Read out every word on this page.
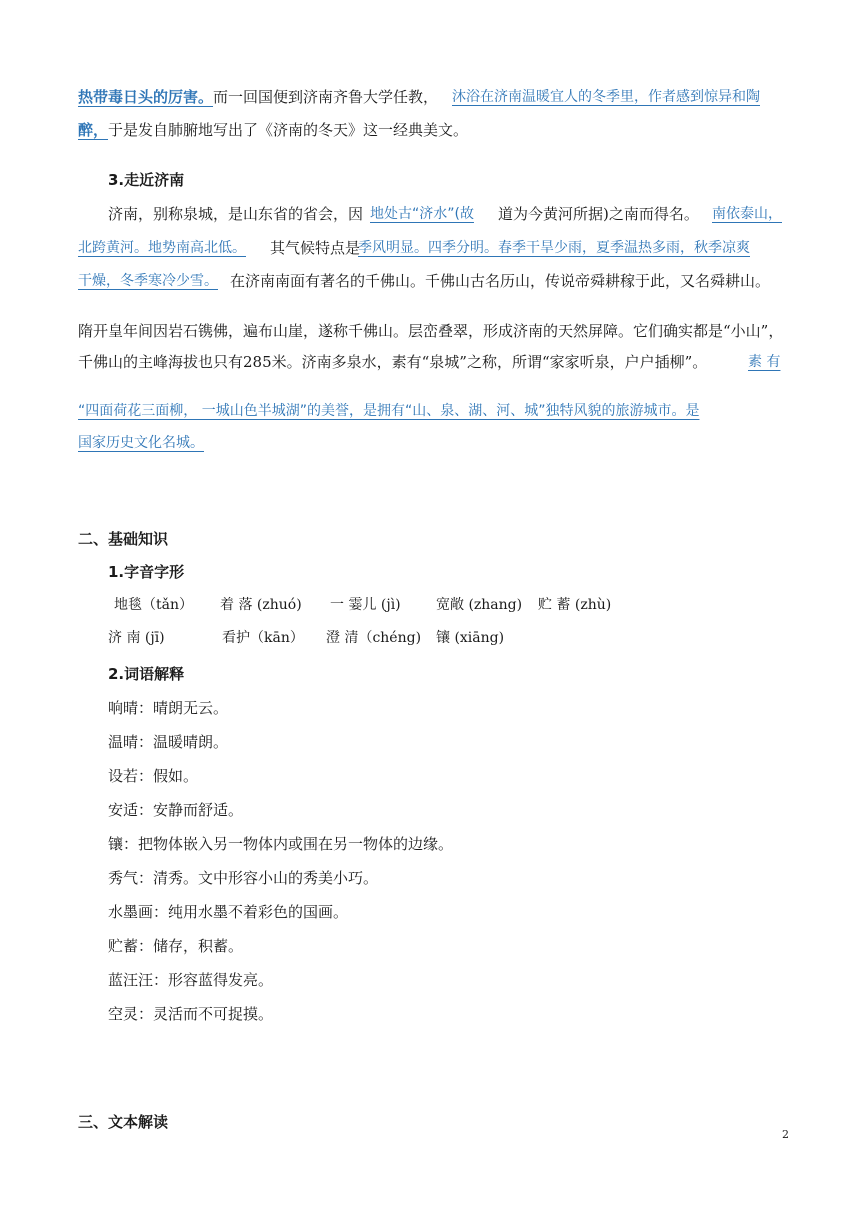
热带毒日头的厉害。而一回国便到济南齐鲁大学任教， 沐浴在济南温暖宜人的冬季里，作者感到惊异和陶
醉，于是发自肺腑地写出了《济南的冬天》这一经典美文。
3.走近济南
济南，别称泉城，是山东省的省会，因 地处古“济水”(故 道为今黄河所据)之南而得名。 南依泰山，
北跨黄河。地势南高北低。 其气候特点是
季风明显。四季分明。春季干旱少雨，夏季温热多雨，秋季凉爽
干燥，冬季寒冷少雪。 在济南南面有著名的千佛山。千佛山古名历山，传说帝舜耕稼于此，又名舜耕山。
隋开皇年间因岩石镌佛，遍布山崖，遂称千佛山。层峦叠翠，形成济南的天然屏障。它们确实都是“小山”，
千佛山的主峰海拔也只有285米。济南多泉水，素有“泉城”之称，所谓“家家听泉，户户插柳”。	素 有
“四面荷花三面柳， 一城山色半城湖”的美誉，是拥有“山、泉、湖、河、城”独特风貌的旅游城市。是
国家历史文化名城。
二、基础知识
1.字音字形
地毯（tǎn） 着 落 (zhuó) 一 霎儿 (jì)	宽敞 (zhang) 贮 蓄 (zhù)
济 南 (jī)	看护（kān） 澄 清（chéng) 镶 (xiāng)
2.词语解释
响晴：晴朗无云。
温晴：温暖晴朗。
设若：假如。
安适：安静而舒适。
镶：把物体嵌入另一物体内或围在另一物体的边缘。
秀气：清秀。文中形容小山的秀美小巧。
水墨画：纯用水墨不着彩色的国画。
贮蓄：储存，积蓄。
蓝汪汪：形容蓝得发亮。
空灵：灵活而不可捉摸。
三、文本解读
2
